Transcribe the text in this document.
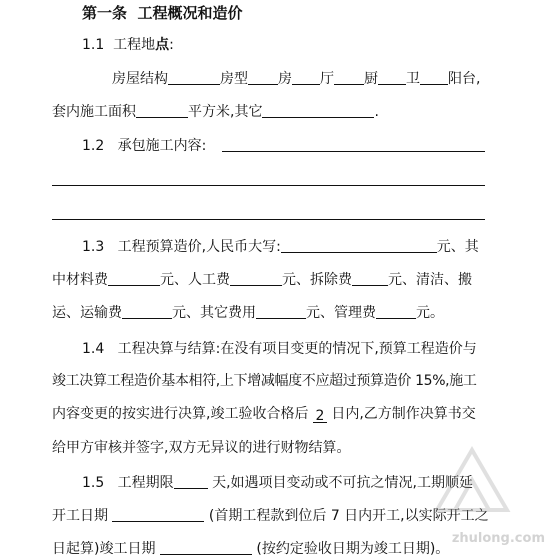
第一条 工程概况和造价
1.1 工程地点:
房屋结构	房型 房 厅 厨 卫 阳台,
套内施工面积	平方米,其它	.
1.2 承包施工内容:
1.3 工程预算造价,人民币大写:	元、其
中材料费	元、人工费	元、拆除费	元、清洁、搬
运、运输费	元、其它费用	元、管理费	元。
1.4 工程决算与结算:在没有项目变更的情况下,预算工程造价与
竣工决算工程造价基本相符,上下增减幅度不应超过预算造价 15%,施工
内容变更的按实进行决算,竣工验收合格后 2 日内,乙方制作决算书交
给甲方审核并签字,双方无异议的进行财物结算。
1.5 工程期限	天,如遇项目变动或不可抗之情况,工期顺延
开工日期	(首期工程款到位后 7 日内开工,以实际开工之
日起算)竣工日期	(按约定验收日期为竣工日期)。
zhulong.com
